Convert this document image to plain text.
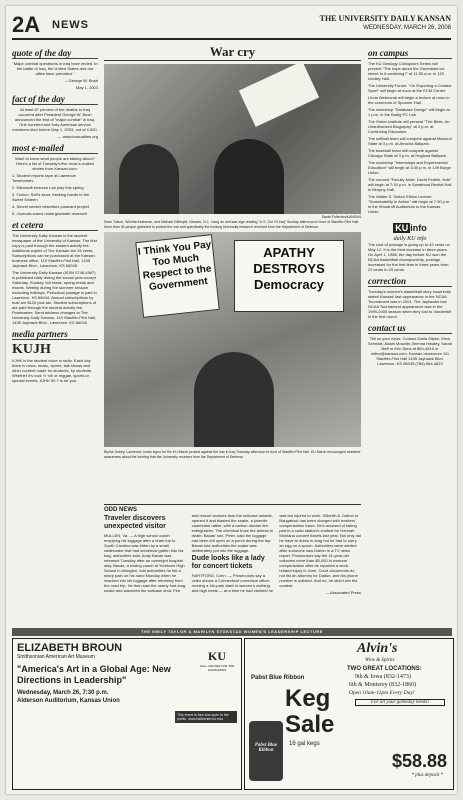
2A NEWS
THE UNIVERSITY DAILY KANSAN
WEDNESDAY, MARCH 26, 2008
quote of the day

"Major combat operations in Iraq have ended. In the battle of Iraq, the United States and our allies have prevailed."

—George W. Bush

May 1, 2003

fact of the day

At least 87 percent of the deaths in Iraq occurred after President George W. Bush announced the end of "major combat" in Iraq. One hundred and forty American service members died before May 1, 2003, out of 4,000.

— www.icasualties.org

most e-mailed

Want to know what people are talking about? Here's a list of Tuesday's five most e-mailed stories from Kansan.com:

1. Student reports rape at Lawrence Townhomes

2. Microsoft ensures Lab play this spring

3. Fusion: Self's stunt, thinking hands to the Sweet Sixteen

4. Secret seeker describes postcard project

5. Journals warns undergraduate research

et cetera

The University Daily Kansan is the student newspaper of the University of Kansas. The first copy is paid through the student activity fee. Additional copies of The Kansan are 25 cents. Subscriptions can be purchased at the Kansan business office, 119 Stauffer-Flint Hall, 1435 Jayhawk Blvd., Lawrence, KS 66045.

The University Daily Kansan (ISSN 0746-4967) is published daily during the school year except Saturday, Sunday, fall break, spring break and exams. Weekly during the summer session excluding holidays. Periodical postage is paid in Lawrence, KS 66044. Annual subscriptions by mail are $120 plus tax. Student subscriptions of are paid through the student activity fee. Postmaster: Send address changes to The University Daily Kansan, 119 Stauffer-Flint Hall, 1435 Jayhawk Blvd., Lawrence, KS 66045

media partners
KUJH

KJHK is the student voice in radio. Each day there is news, music, sports, talk shows and other content made for students, by students. Whether it's rock 'n' roll or reggae, sports or special events, KJHK 90.7 is for you.

War cry
Sarah Fullerton/KANSAN
Sean Tolson, Wichita freshman, and Michael Gillespie, Newark, N.J., hang an anti-war sign reading "U.S. Out Of Iraq" Sunday afternoon in front of Stauffer-Flint Hall. More than 30 people gathered to protest the war and specifically the funding University research received from the Department of Defense.
I Think You Pay Too Much Respect to the Government
APATHY DESTROYS Democracy
Blythe Sobey, Lawrence, holds signs for the KU March protest against the war in Iraq Tuesday afternoon in front of Stauffer-Flint Hall. KU March encouraged students' awareness about the funding that the University receives from the Department of Defense.
ODD NEWS
Traveler discovers unexpected visitor

MULLEN, Va. — A high school coach emptying his luggage after a team trip to South Carolina was bitten by a small rattlesnake that had somehow gotten into his bag, authorities said. Andy Bacas was released Tuesday after an overnight hospital stay. Bacas, a rowing coach at Yorktown High School in Arlington, told authorities he felt a sharp pain on his hand Monday when he reached into his luggage after returning from the road trip. He then saw the nearly foot-long snake and slammed the suitcase shut. Fire and rescue workers took the suitcase outside, opened it and blasted the snake, a juvenile canebrake rattler, with a carbon dioxide fire extinguisher. The chemical froze the animal to death. Bacas' son, Peter, said the luggage had been left open on a porch during the trip. Bacas told authorities the snake was deliberately put into the luggage.

Dude looks like a lady for concert tickets

HARTFORD, Conn. — Prosecutors say a video shows a Connecticut correction officer running a 4th-park dash in women's clothing and high heels — at a time he had claimed he was too injured to work. Gilberth A. Dalton of Naugatuck has been charged with workers' compensation fraud. He's accused of taking part in a radio station's contest for Hannah Montana concert tickets last year. Not only did he have to dress in drag but he had to carry an egg on a spoon. Authorities were alerted after someone saw Dalton in a TV news report. Prosecutors say the 41-year-old collected more than $5,000 in workers' compensation after he reported a work-related injury in June. Court documents do not list an attorney for Dalton, and his phone number is unlisted. And no, he didn't win the contest.

—Associated Press

on campus

The KU Geology Colloquium Series will present "The hope about the Greenland ice sheet: Is it vanishing?" at 11:00 a.m. in 120 Lindley Hall.

The University Forum: "On Exporting a Contact Sport" will begin at noon at the ECM Center.

Linda Wetmondi will begin a lecture at noon in the commons of Spooner Hall.

The workshop "Database Design" will begin at 1 p.m. in the Budig PC Lab.

The Osher Institute will present "The Bible, An Unauthorized Biography" at 2 p.m. at Continuing Education.

The softball team will compete against Missouri State at 3 p.m. at Arrocha Ballpark.

The baseball team will compete against Chicago State at 3 p.m. at Hoglund Ballpark.

The workshop "Internships and Experimental Education" will begin at 3:30 p.m. in 149 Burge Union.

The concert "Faculty Artist: David Fedele, flute" will begin at 7:30 p.m. in Swarthout Recital Hall in Murphy Hall.

The Walter S. Sutton Ethics Lecture "Sustainability in Action" will begin at 7:30 p.m. in the Woodruff Auditorium in the Kansas Union.

KU info
daily KU info

The cost of postage is going up to 42 cents on May 12. It is the third increase in three years. On April 1, 1988, the day before KU won the NCAA basketball championship, postage increased for the first time in three years from 22 cents to 25 cents.

correction

Tuesday's women's basketball story incorrectly stated Kansas' last appearance in the NCAA Tournament was in 2001. The Jayhawks last NCAA Tournament appearance was in the 1999-2000 season when they lost to Vanderbilt in the first round.

contact us

Tell us your news. Contact Darla Slipke, Erick Schmidt, Adam Mowder, Brenna Hawley, Sarah Neff or Erin Sims at 864-4810 or editor@kansan.com. Kansan newsroom 111 Stauffer-Flint Hall 1435 Jayhawk Blvd. Lawrence, KS 66045 (785) 864-4810

THE EMILY TAYLOR & MARILYN STOKSTAD WOMEN'S LEADERSHIP LECTURE
ELIZABETH BROUN
Smithsonian American Art Museum
"America's Art in a Global Age: New Directions in Leadership"
KU
HALL CENTER FOR THE HUMANITIES
Wednesday, March 26, 7:30 p.m.
Alderson Auditorium, Kansas Union
This event is free and open to the public. www.hallcenter.ku.edu
Alvin's
Wine & Spirits
TWO GREAT LOCATIONS:
9th & Iowa (832-1473)
6th & Monterey (832-1860)
Open 10am-11pm Every Day!
For all your gameday needs!
Pabst Blue Ribbon
Keg
Sale
16 gal kegs
Pabst Blue Ribbon
$58.88
* plus deposit *
